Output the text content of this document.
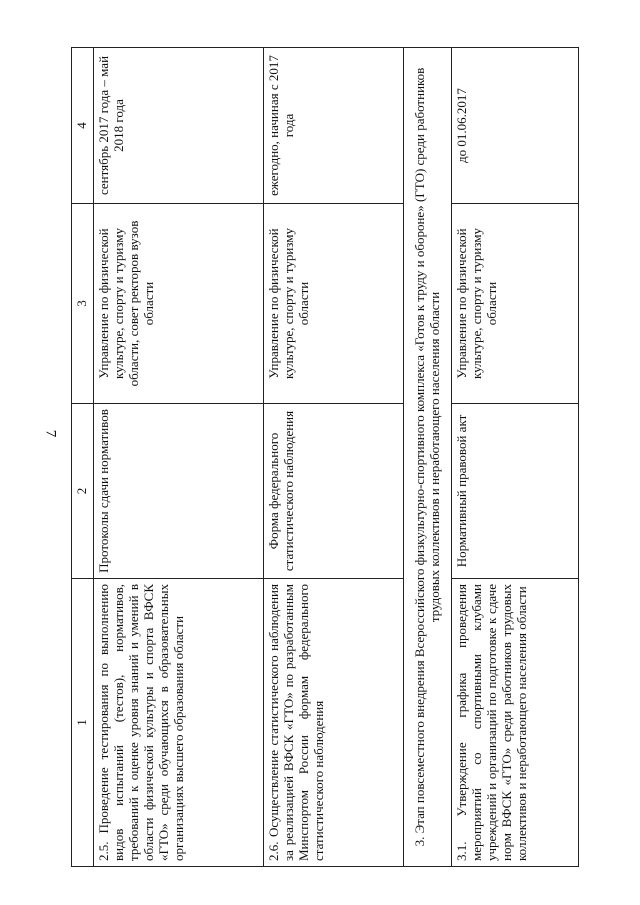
7
1	2	3	4
2.5. Проведение тестирования по выполнению видов испытаний (тестов), нормативов, требований к оценке уровня знаний и умений в области физической культуры и спорта ВФСК «ГТО» среди обучающихся в образовательных организациях высшего образования области	Протоколы сдачи нормативов	Управление по физической культуре, спорту и туризму области, совет ректоров вузов области	сентябрь 2017 года – май 2018 года
2.6. Осуществление статистического наблюдения за реализацией ВФСК «ГТО» по разработанным Минспортом России формам федерального статистического наблюдения	Форма федерального статистического наблюдения	Управление по физической культуре, спорту и туризму области	ежегодно, начиная с 2017 года
3. Этап повсеместного внедрения Всероссийского физкультурно-спортивного комплекса «Готов к труду и обороне» (ГТО) среди работников трудовых коллективов и неработающего населения области			
3.1. Утверждение графика проведения мероприятий со спортивными клубами учреждений и организаций по подготовке к сдаче норм ВФСК «ГТО» среди работников трудовых коллективов и неработающего населения области	Нормативный правовой акт	Управление по физической культуре, спорту и туризму области	до 01.06.2017
